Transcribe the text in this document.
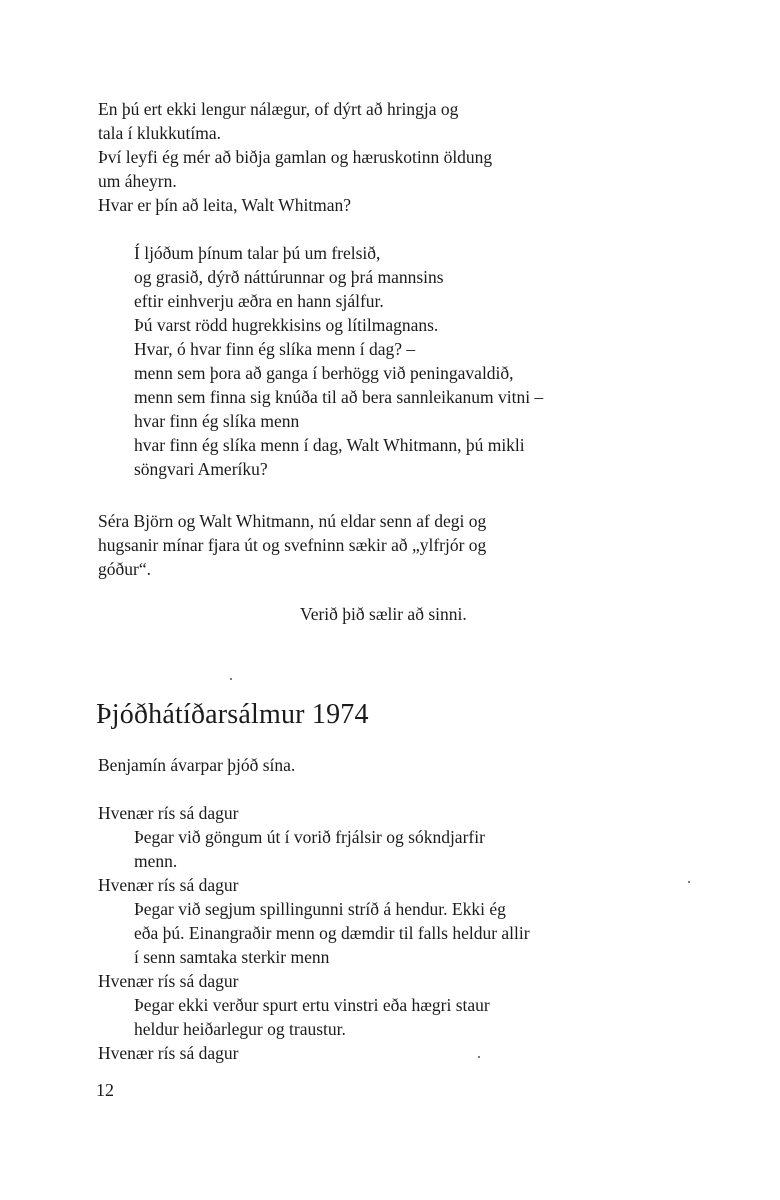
En þú ert ekki lengur nálægur, of dýrt að hringja og
tala í klukkutíma.
Því leyfi ég mér að biðja gamlan og hæruskotinn öldung
um áheyrn.
Hvar er þín að leita, Walt Whitman?
Í ljóðum þínum talar þú um frelsið,
og grasið, dýrð náttúrunnar og þrá mannsins
eftir einhverju æðra en hann sjálfur.
Þú varst rödd hugrekkisins og lítilmagnans.
Hvar, ó hvar finn ég slíka menn í dag? –
menn sem þora að ganga í berhögg við peningavaldið,
menn sem finna sig knúða til að bera sannleikanum vitni –
hvar finn ég slíka menn
hvar finn ég slíka menn í dag, Walt Whitmann, þú mikli
söngvari Ameríku?
Séra Björn og Walt Whitmann, nú eldar senn af degi og
hugsanir mínar fjara út og svefninn sækir að „ylfrjór og
góður“.
Verið þið sælir að sinni.
Þjóðhátíðarsálmur 1974
Benjamín ávarpar þjóð sína.
Hvenær rís sá dagur
Þegar við göngum út í vorið frjálsir og sókndjarfir
menn.
Hvenær rís sá dagur
Þegar við segjum spillingunni stríð á hendur. Ekki ég
eða þú. Einangraðir menn og dæmdir til falls heldur allir
í senn samtaka sterkir menn
Hvenær rís sá dagur
Þegar ekki verður spurt ertu vinstri eða hægri staur
heldur heiðarlegur og traustur.
Hvenær rís sá dagur
12
